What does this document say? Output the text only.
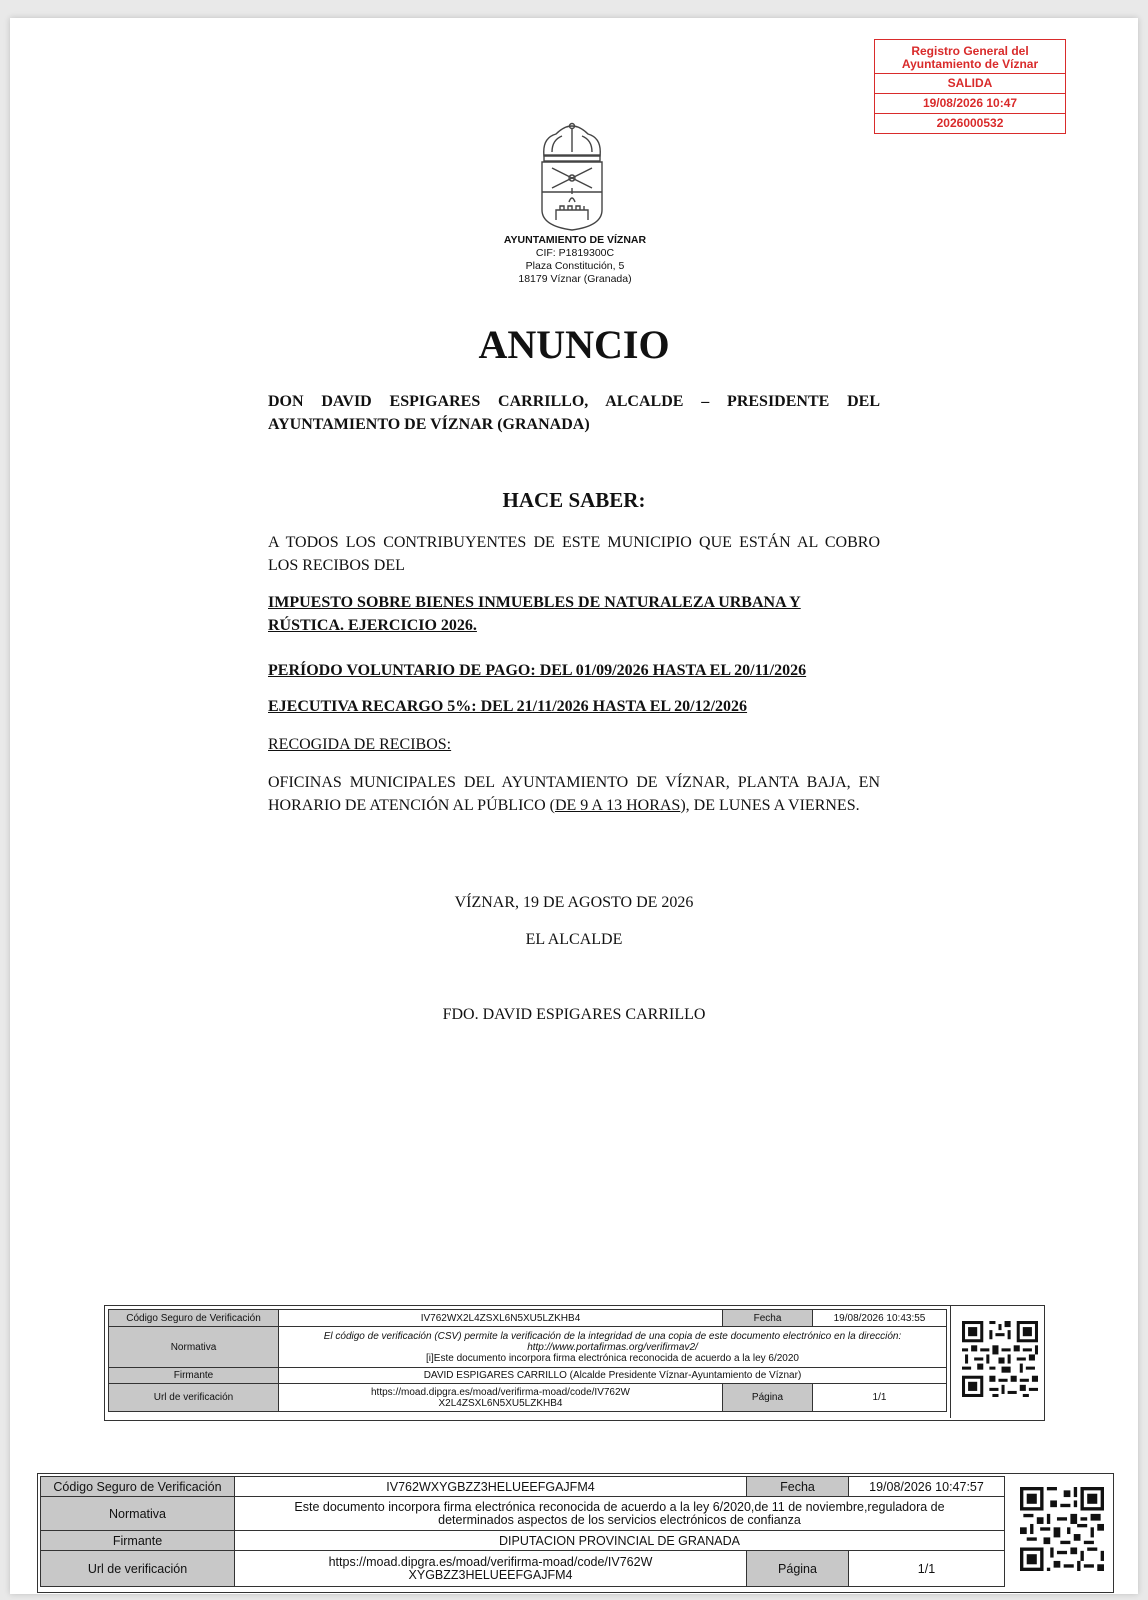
Registro General del Ayuntamiento de Víznar
SALIDA
19/08/2026 10:47
2026000532
AYUNTAMIENTO DE VÍZNAR
CIF: P1819300C
Plaza Constitución, 5
18179 Víznar (Granada)
ANUNCIO
DON DAVID ESPIGARES CARRILLO, ALCALDE – PRESIDENTE DEL AYUNTAMIENTO DE VÍZNAR (GRANADA)
HACE SABER:
A TODOS LOS CONTRIBUYENTES DE ESTE MUNICIPIO QUE ESTÁN AL COBRO LOS RECIBOS DEL
IMPUESTO SOBRE BIENES INMUEBLES DE NATURALEZA URBANA Y RÚSTICA. EJERCICIO 2026.
PERÍODO VOLUNTARIO DE PAGO: DEL 01/09/2026 HASTA EL 20/11/2026
EJECUTIVA RECARGO 5%: DEL 21/11/2026 HASTA EL 20/12/2026
RECOGIDA DE RECIBOS:
OFICINAS MUNICIPALES DEL AYUNTAMIENTO DE VÍZNAR, PLANTA BAJA, EN HORARIO DE ATENCIÓN AL PÚBLICO (DE 9 A 13 HORAS), DE LUNES A VIERNES.
VÍZNAR, 19 DE AGOSTO DE 2026
EL ALCALDE
FDO. DAVID ESPIGARES CARRILLO
Código Seguro de Verificación	IV762WX2L4ZSXL6N5XU5LZKHB4	Fecha	19/08/2026 10:43:55
Normativa	El código de verificación (CSV) permite la verificación de la integridad de una copia de este documento electrónico en la dirección: http://www.portafirmas.org/verifirmav2/
[i]Este documento incorpora firma electrónica reconocida de acuerdo a la ley 6/2020		

Firmante	DAVID ESPIGARES CARRILLO (Alcalde Presidente Víznar-Ayuntamiento de Víznar)		
Url de verificación	https://moad.dipgra.es/moad/verifirma-moad/code/IV762WX2L4ZSXL6N5XU5LZKHB4	Página	1/1
Código Seguro de Verificación	IV762WXYGBZZ3HELUEEFGAJFM4	Fecha	19/08/2026 10:47:57
Normativa	Este documento incorpora firma electrónica reconocida de acuerdo a la ley 6/2020,de 11 de noviembre,reguladora de determinados aspectos de los servicios electrónicos de confianza		
Firmante	DIPUTACION PROVINCIAL DE GRANADA		
Url de verificación	https://moad.dipgra.es/moad/verifirma-moad/code/IV762WXYGBZZ3HELUEEFGAJFM4	Página	1/1
